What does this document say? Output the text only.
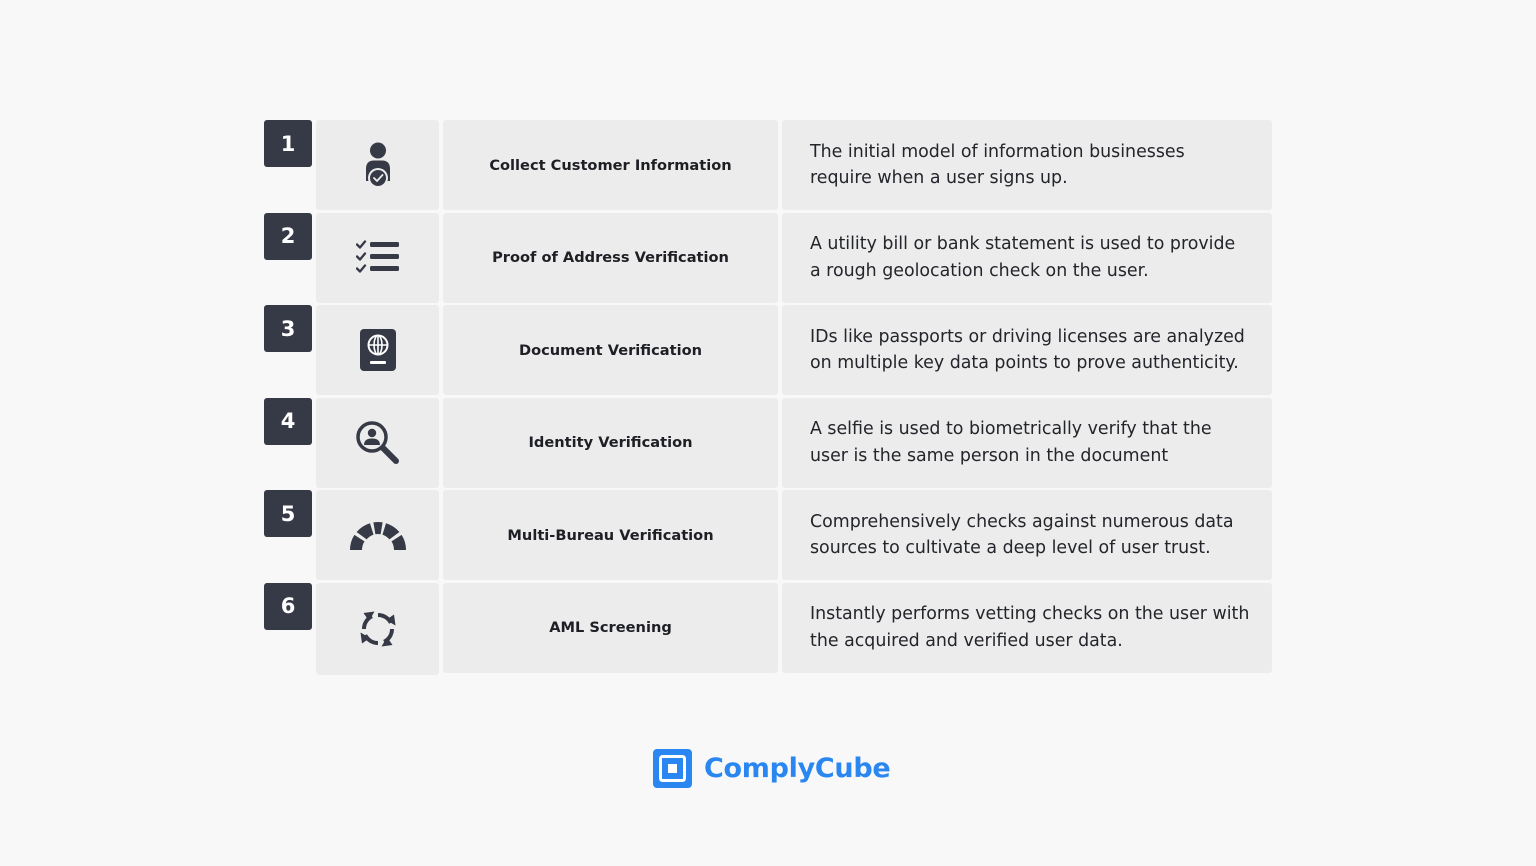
1
Collect Customer Information
The initial model of information businesses require when a user signs up.
2
Proof of Address Verification
A utility bill or bank statement is used to provide a rough geolocation check on the user.
3
Document Verification
IDs like passports or driving licenses are analyzed on multiple key data points to prove authenticity.
4
Identity Verification
A selfie is used to biometrically verify that the user is the same person in the document
5
Multi-Bureau Verification
Comprehensively checks against numerous data sources to cultivate a deep level of user trust.
6
AML Screening
Instantly performs vetting checks on the user with the acquired and verified user data.
ComplyCube
